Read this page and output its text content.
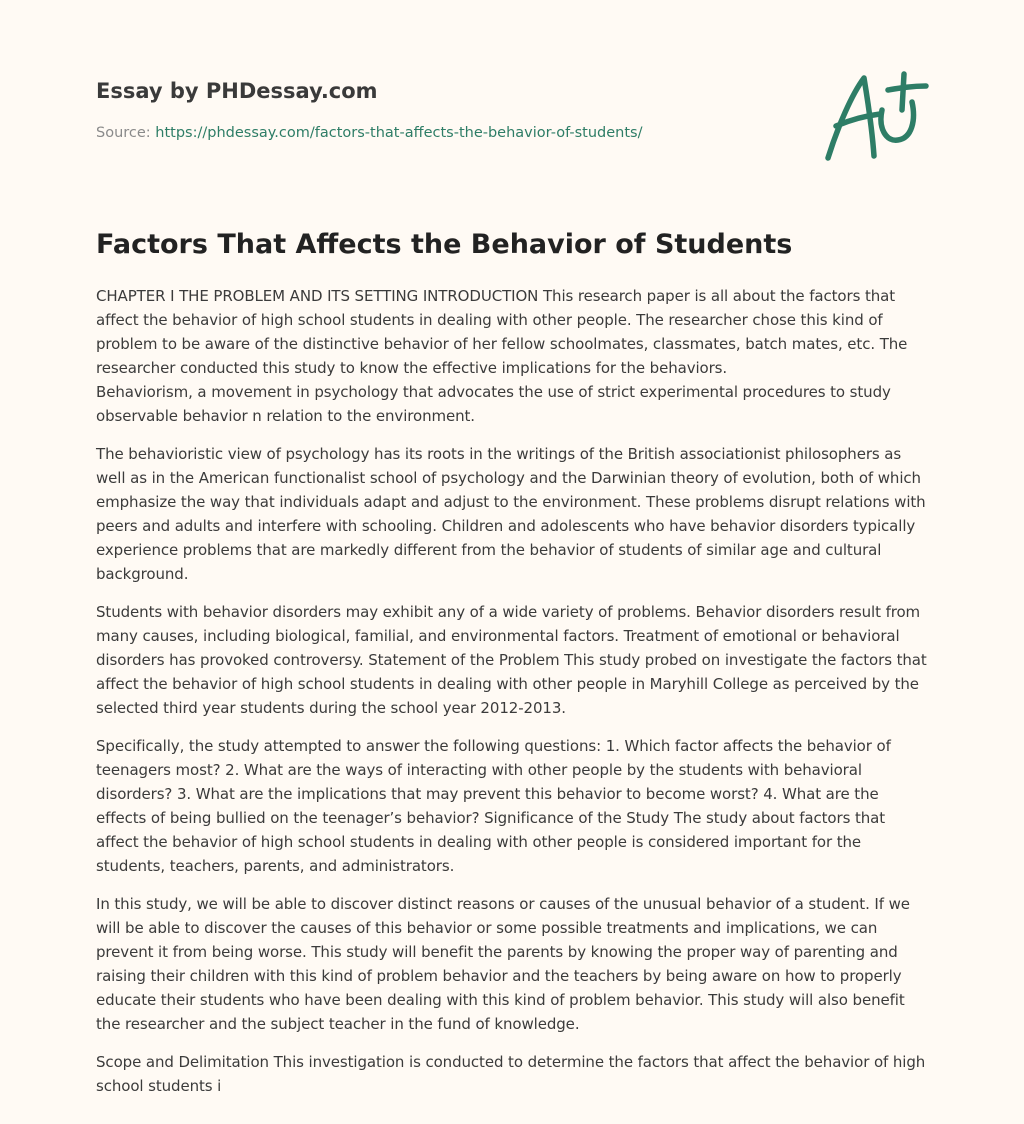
Essay by PHDessay.com
Source: https://phdessay.com/factors-that-affects-the-behavior-of-students/
Factors That Affects the Behavior of Students

CHAPTER I THE PROBLEM AND ITS SETTING INTRODUCTION This research paper is all about the factors that affect the behavior of high school students in dealing with other people. The researcher chose this kind of problem to be aware of the distinctive behavior of her fellow schoolmates, classmates, batch mates, etc. The researcher conducted this study to know the effective implications for the behaviors.
Behaviorism, a movement in psychology that advocates the use of strict experimental procedures to study observable behavior n relation to the environment.

The behavioristic view of psychology has its roots in the writings of the British associationist philosophers as well as in the American functionalist school of psychology and the Darwinian theory of evolution, both of which emphasize the way that individuals adapt and adjust to the environment. These problems disrupt relations with peers and adults and interfere with schooling. Children and adolescents who have behavior disorders typically experience problems that are markedly different from the behavior of students of similar age and cultural background.

Students with behavior disorders may exhibit any of a wide variety of problems. Behavior disorders result from many causes, including biological, familial, and environmental factors. Treatment of emotional or behavioral disorders has provoked controversy. Statement of the Problem This study probed on investigate the factors that affect the behavior of high school students in dealing with other people in Maryhill College as perceived by the selected third year students during the school year 2012-2013.

Specifically, the study attempted to answer the following questions: 1. Which factor affects the behavior of teenagers most? 2. What are the ways of interacting with other people by the students with behavioral disorders? 3. What are the implications that may prevent this behavior to become worst? 4. What are the effects of being bullied on the teenager’s behavior? Significance of the Study The study about factors that affect the behavior of high school students in dealing with other people is considered important for the students, teachers, parents, and administrators.

In this study, we will be able to discover distinct reasons or causes of the unusual behavior of a student. If we will be able to discover the causes of this behavior or some possible treatments and implications, we can prevent it from being worse. This study will benefit the parents by knowing the proper way of parenting and raising their children with this kind of problem behavior and the teachers by being aware on how to properly educate their students who have been dealing with this kind of problem behavior. This study will also benefit the researcher and the subject teacher in the fund of knowledge.

Scope and Delimitation This investigation is conducted to determine the factors that affect the behavior of high school students i
